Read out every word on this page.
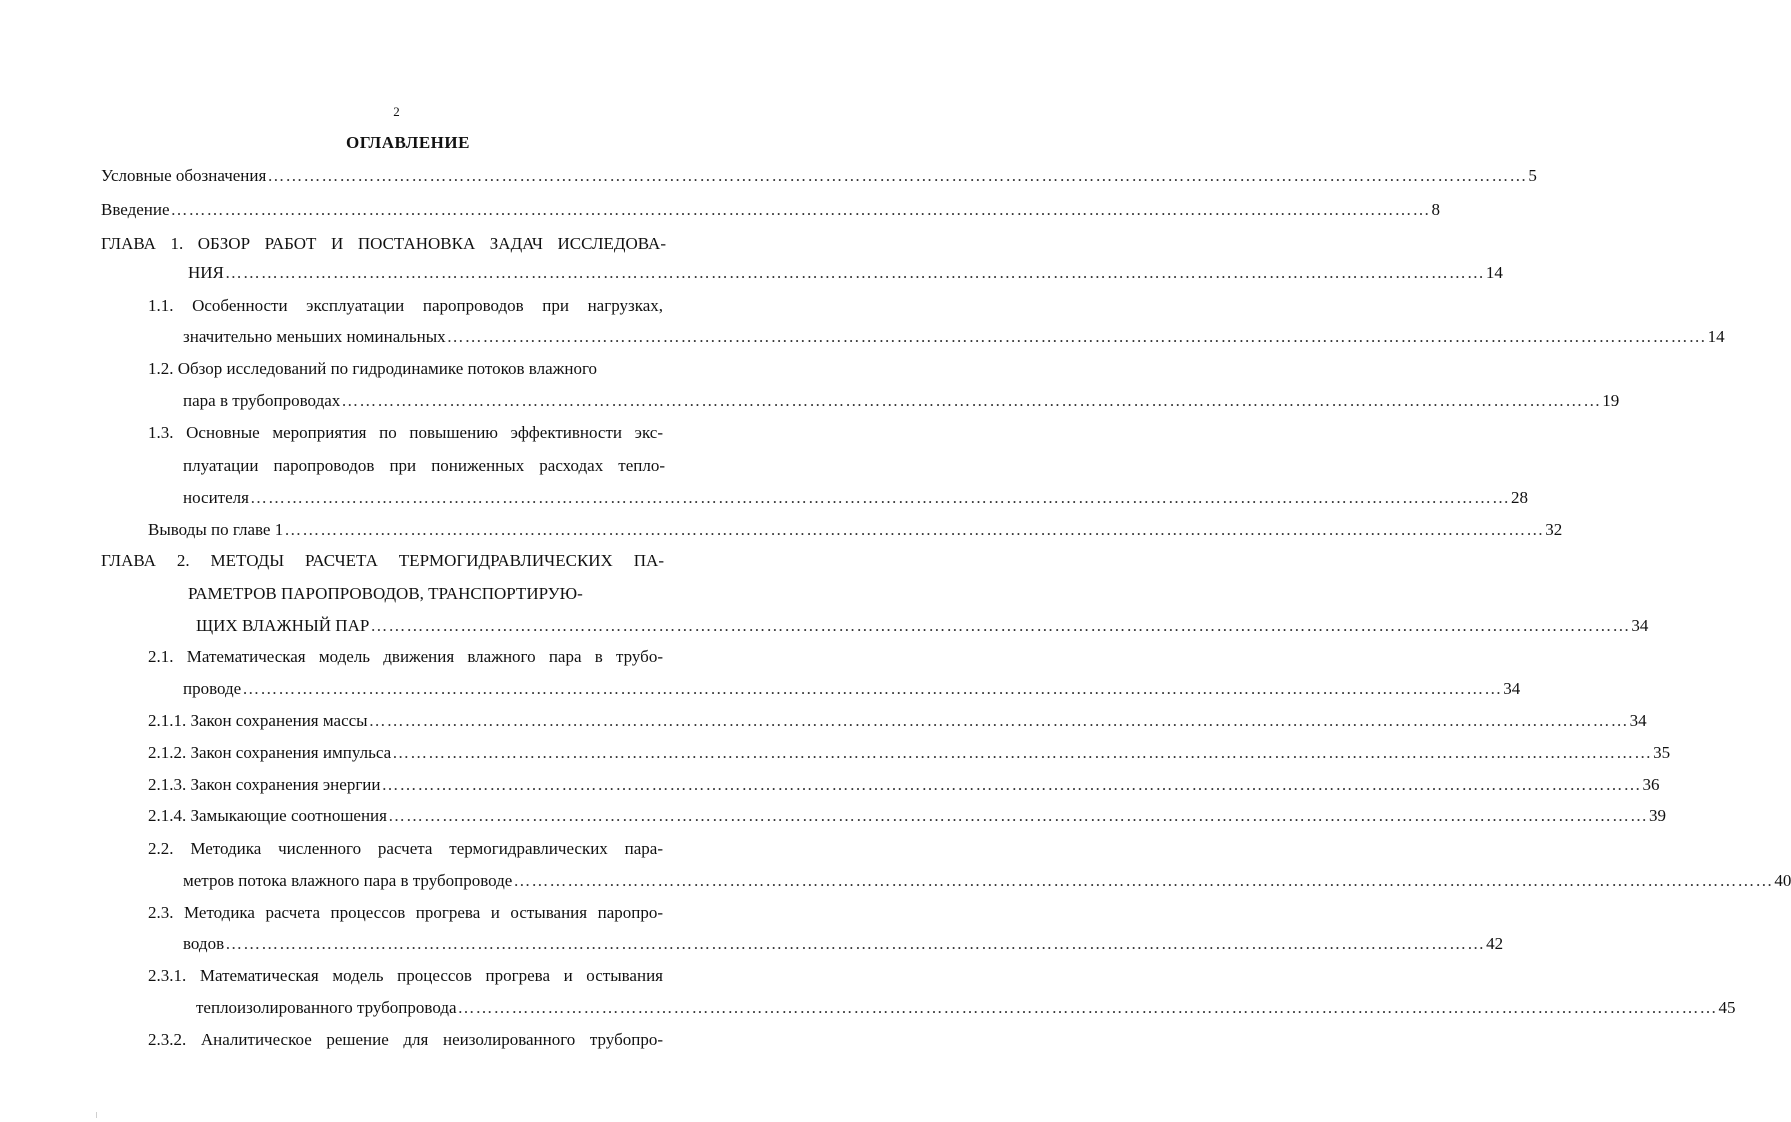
2
ОГЛАВЛЕНИЕ
Условные обозначения ………………………………………………………………………………………………………………………………………………………………………………………… 5
Введение ………………………………………………………………………………………………………………………………………………………………………………………… 8
ГЛАВА 1. ОБЗОР РАБОТ И ПОСТАНОВКА ЗАДАЧ ИССЛЕДОВА-
НИЯ ………………………………………………………………………………………………………………………………………………………………………………………… 14
1.1. Особенности эксплуатации паропроводов при нагрузках,
значительно меньших номинальных ………………………………………………………………………………………………………………………………………………………………………………………… 14
1.2. Обзор исследований по гидродинамике потоков влажного
пара в трубопроводах ………………………………………………………………………………………………………………………………………………………………………………………… 19
1.3. Основные мероприятия по повышению эффективности экс-
плуатации паропроводов при пониженных расходах тепло-
носителя ………………………………………………………………………………………………………………………………………………………………………………………… 28
Выводы по главе 1 ………………………………………………………………………………………………………………………………………………………………………………………… 32
ГЛАВА 2. МЕТОДЫ РАСЧЕТА ТЕРМОГИДРАВЛИЧЕСКИХ ПА-
РАМЕТРОВ ПАРОПРОВОДОВ, ТРАНСПОРТИРУЮ-
ЩИХ ВЛАЖНЫЙ ПАР ………………………………………………………………………………………………………………………………………………………………………………………… 34
2.1. Математическая модель движения влажного пара в трубо-
проводе ………………………………………………………………………………………………………………………………………………………………………………………… 34
2.1.1. Закон сохранения массы ………………………………………………………………………………………………………………………………………………………………………………………… 34
2.1.2. Закон сохранения импульса ………………………………………………………………………………………………………………………………………………………………………………………… 35
2.1.3. Закон сохранения энергии ………………………………………………………………………………………………………………………………………………………………………………………… 36
2.1.4. Замыкающие соотношения ………………………………………………………………………………………………………………………………………………………………………………………… 39
2.2. Методика численного расчета термогидравлических пара-
метров потока влажного пара в трубопроводе ………………………………………………………………………………………………………………………………………………………………………………………… 40
2.3. Методика расчета процессов прогрева и остывания паропро-
водов ………………………………………………………………………………………………………………………………………………………………………………………… 42
2.3.1. Математическая модель процессов прогрева и остывания
теплоизолированного трубопровода ………………………………………………………………………………………………………………………………………………………………………………………… 45
2.3.2. Аналитическое решение для неизолированного трубопро-
